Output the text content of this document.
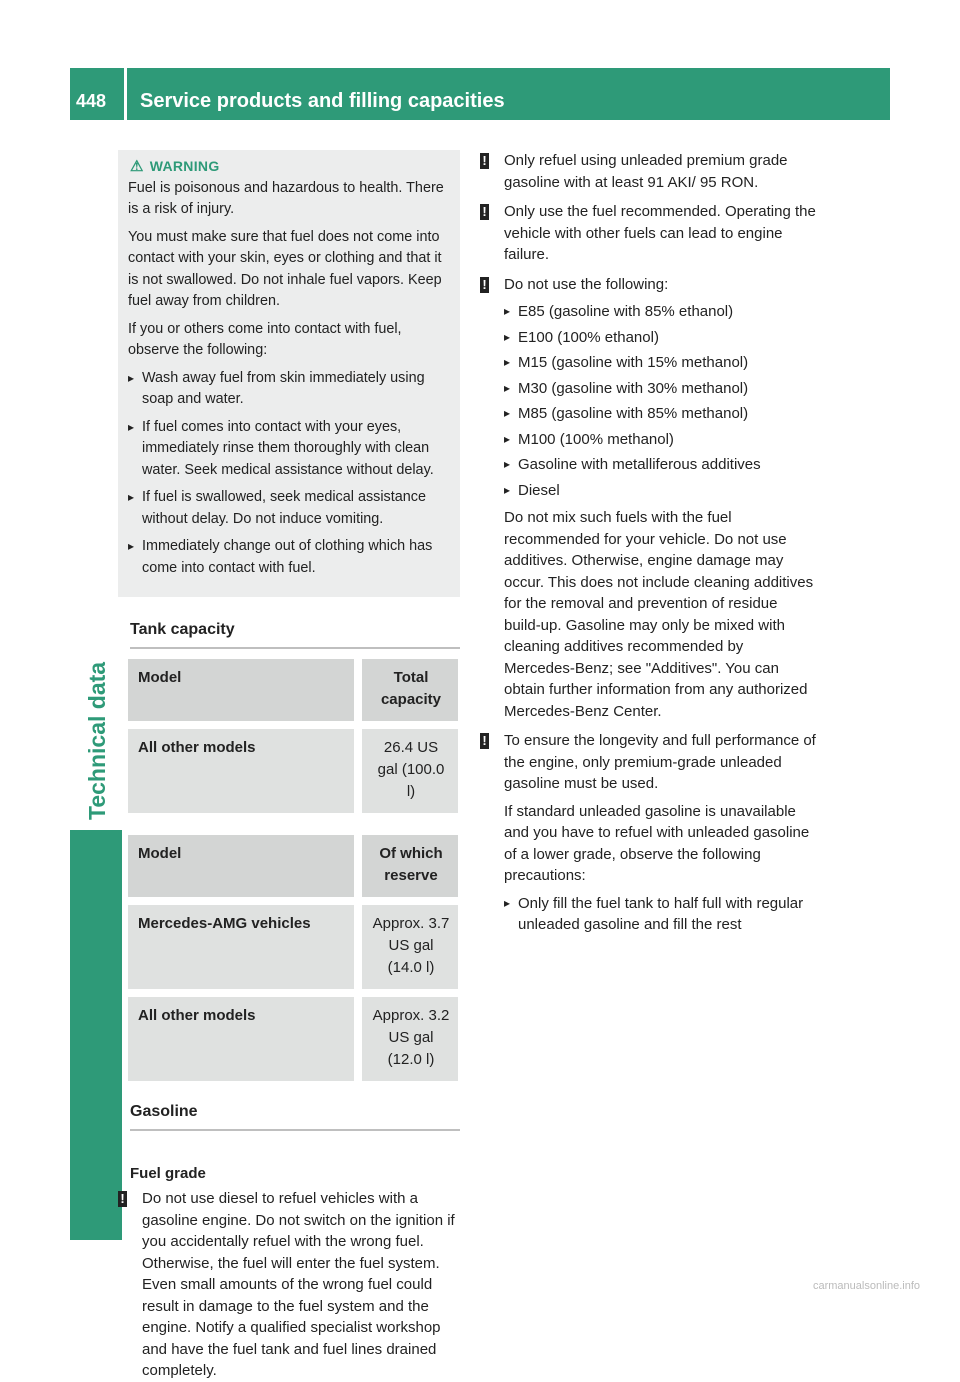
448 Service products and filling capacities
Technical data
⚠ WARNING

Fuel is poisonous and hazardous to health. There is a risk of injury.

You must make sure that fuel does not come into contact with your skin, eyes or clothing and that it is not swallowed. Do not inhale fuel vapors. Keep fuel away from children.

If you or others come into contact with fuel, observe the following:

▸ Wash away fuel from skin immediately using soap and water.
▸ If fuel comes into contact with your eyes, immediately rinse them thoroughly with clean water. Seek medical assistance without delay.
▸ If fuel is swallowed, seek medical assistance without delay. Do not induce vomiting.
▸ Immediately change out of clothing which has come into contact with fuel.
Tank capacity
Model	Total capacity
All other models	26.4 US gal (100.0 l)
Model	Of which reserve
Mercedes-AMG vehicles	Approx. 3.7 US gal (14.0 l)
All other models	Approx. 3.2 US gal (12.0 l)
Gasoline
Fuel grade
! Do not use diesel to refuel vehicles with a gasoline engine. Do not switch on the ignition if you accidentally refuel with the wrong fuel. Otherwise, the fuel will enter the fuel system. Even small amounts of the wrong fuel could result in damage to the fuel system and the engine. Notify a qualified specialist workshop and have the fuel tank and fuel lines drained completely.

! Only refuel using unleaded premium grade gasoline with at least 91 AKI/ 95 RON.

! Only use the fuel recommended. Operating the vehicle with other fuels can lead to engine failure.

! Do not use the following:

▸ E85 (gasoline with 85% ethanol)
▸ E100 (100% ethanol)
▸ M15 (gasoline with 15% methanol)
▸ M30 (gasoline with 30% methanol)
▸ M85 (gasoline with 85% methanol)
▸ M100 (100% methanol)
▸ Gasoline with metalliferous additives
▸ Diesel

Do not mix such fuels with the fuel recommended for your vehicle. Do not use additives. Otherwise, engine damage may occur. This does not include cleaning additives for the removal and prevention of residue build-up. Gasoline may only be mixed with cleaning additives recommended by Mercedes-Benz; see "Additives". You can obtain further information from any authorized Mercedes-Benz Center.

! To ensure the longevity and full performance of the engine, only premium-grade unleaded gasoline must be used.

If standard unleaded gasoline is unavailable and you have to refuel with unleaded gasoline of a lower grade, observe the following precautions:

▸ Only fill the fuel tank to half full with regular unleaded gasoline and fill the rest
carmanualsonline.info
